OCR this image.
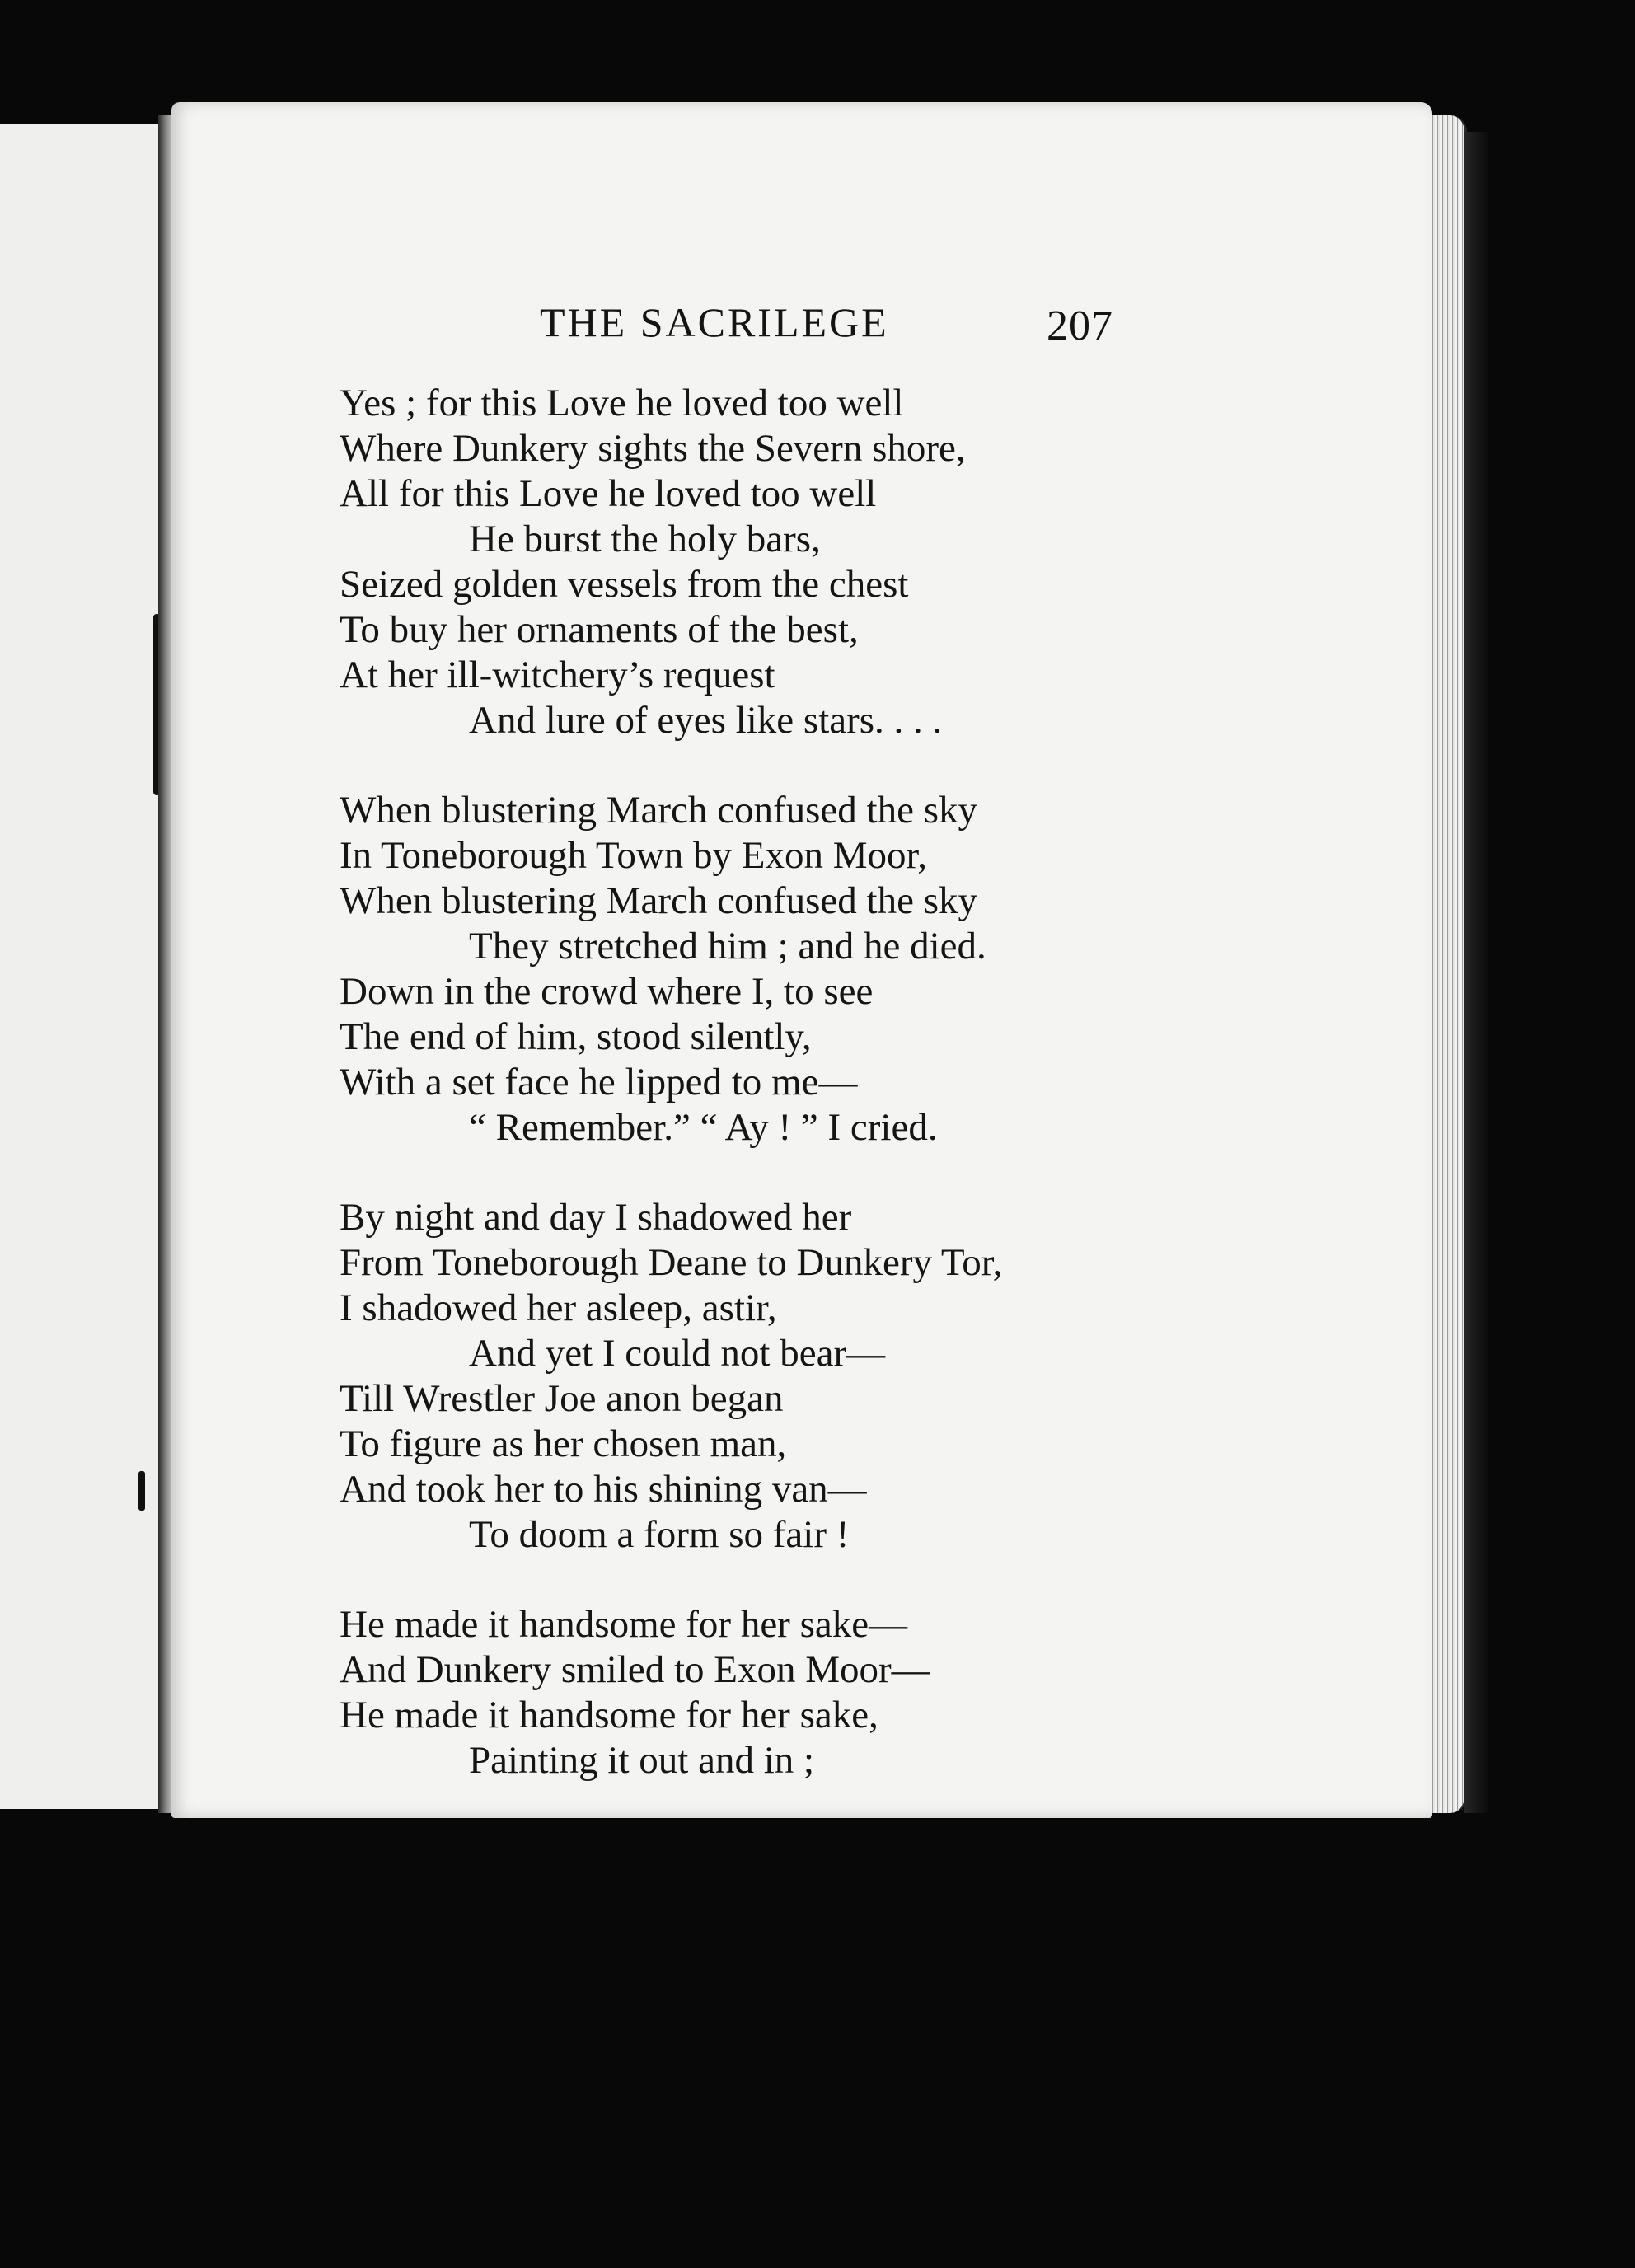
THE SACRILEGE	207
Yes ; for this Love he loved too well
Where Dunkery sights the Severn shore,
All for this Love he loved too well
He burst the holy bars,
Seized golden vessels from the chest
To buy her ornaments of the best,
At her ill-witchery’s request
And lure of eyes like stars. . . .
When blustering March confused the sky
In Toneborough Town by Exon Moor,
When blustering March confused the sky
They stretched him ; and he died.
Down in the crowd where I, to see
The end of him, stood silently,
With a set face he lipped to me—
“ Remember.” “ Ay ! ” I cried.
By night and day I shadowed her
From Toneborough Deane to Dunkery Tor,
I shadowed her asleep, astir,
And yet I could not bear—
Till Wrestler Joe anon began
To figure as her chosen man,
And took her to his shining van—
To doom a form so fair !
He made it handsome for her sake—
And Dunkery smiled to Exon Moor—
He made it handsome for her sake,
Painting it out and in ;
